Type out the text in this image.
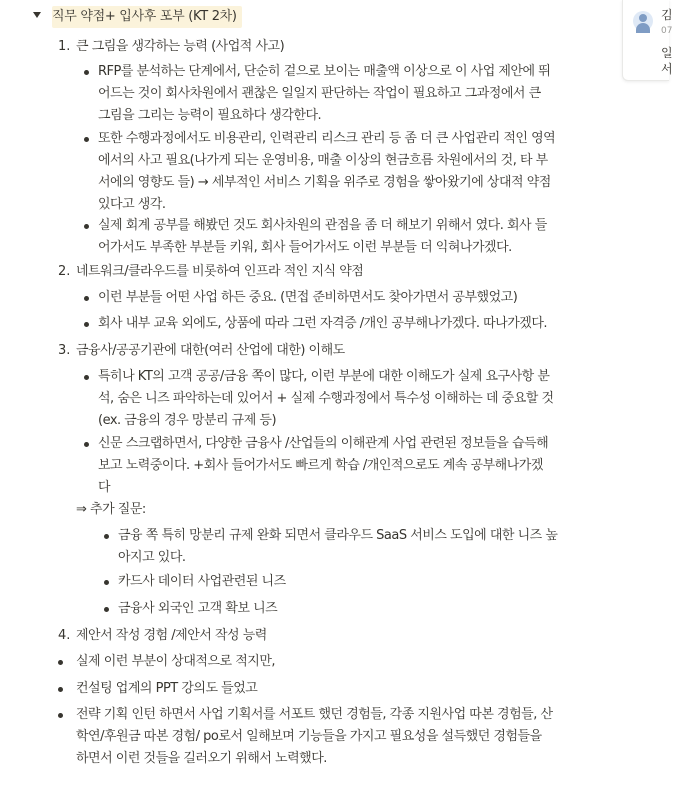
직무 약점+ 입사후 포부 (KT 2차)
1. 큰 그림을 생각하는 능력 (사업적 사고)
RFP를 분석하는 단계에서, 단순히 겉으로 보이는 매출액 이상으로 이 사업 제안에 뛰
어드는 것이 회사차원에서 괜찮은 일일지 판단하는 작업이 필요하고 그과정에서 큰
그림을 그리는 능력이 필요하다 생각한다.
또한 수행과정에서도 비용관리, 인력관리 리스크 관리 등 좀 더 큰 사업관리 적인 영역
에서의 사고 필요(나가게 되는 운영비용, 매출 이상의 현금흐름 차원에서의 것, 타 부
서에의 영향도 들) → 세부적인 서비스 기획을 위주로 경험을 쌓아왔기에 상대적 약점
있다고 생각.
실제 회계 공부를 해봤던 것도 회사차원의 관점을 좀 더 해보기 위해서 였다. 회사 들
어가서도 부족한 부분들 키워, 회사 들어가서도 이런 부분들 더 익혀나가겠다.
2. 네트워크/클라우드를 비롯하여 인프라 적인 지식 약점
이런 부분들 어떤 사업 하든 중요. (면접 준비하면서도 찾아가면서 공부했었고)
회사 내부 교육 외에도, 상품에 따라 그런 자격증 /개인 공부해나가겠다. 따나가겠다.
3. 금융사/공공기관에 대한(여러 산업에 대한) 이해도
특히나 KT의 고객 공공/금융 쪽이 많다, 이런 부분에 대한 이해도가 실제 요구사항 분
석, 숨은 니즈 파악하는데 있어서 + 실제 수행과정에서 특수성 이해하는 데 중요할 것
(ex. 금융의 경우 망분리 규제 등)
신문 스크랩하면서, 다양한 금융사 /산업들의 이해관계 사업 관련된 정보들을 습득해
보고 노력중이다. +회사 들어가서도 빠르게 학습 /개인적으로도 계속 공부해나가겠
다
⇒ 추가 질문:
금융 쪽 특히 망분리 규제 완화 되면서 클라우드 SaaS 서비스 도입에 대한 니즈 높
아지고 있다.
카드사 데이터 사업관련된 니즈
금융사 외국인 고객 확보 니즈
4. 제안서 작성 경험 /제안서 작성 능력
실제 이런 부분이 상대적으로 적지만,
컨설팅 업계의 PPT 강의도 들었고
전략 기획 인턴 하면서 사업 기획서를 서포트 했던 경험들, 각종 지원사업 따본 경험들, 산
학연/후원금 따본 경험/ po로서 일해보며 기능들을 가지고 필요성을 설득했던 경험들을
하면서 이런 것들을 길러오기 위해서 노력했다.
김
07
일
서
